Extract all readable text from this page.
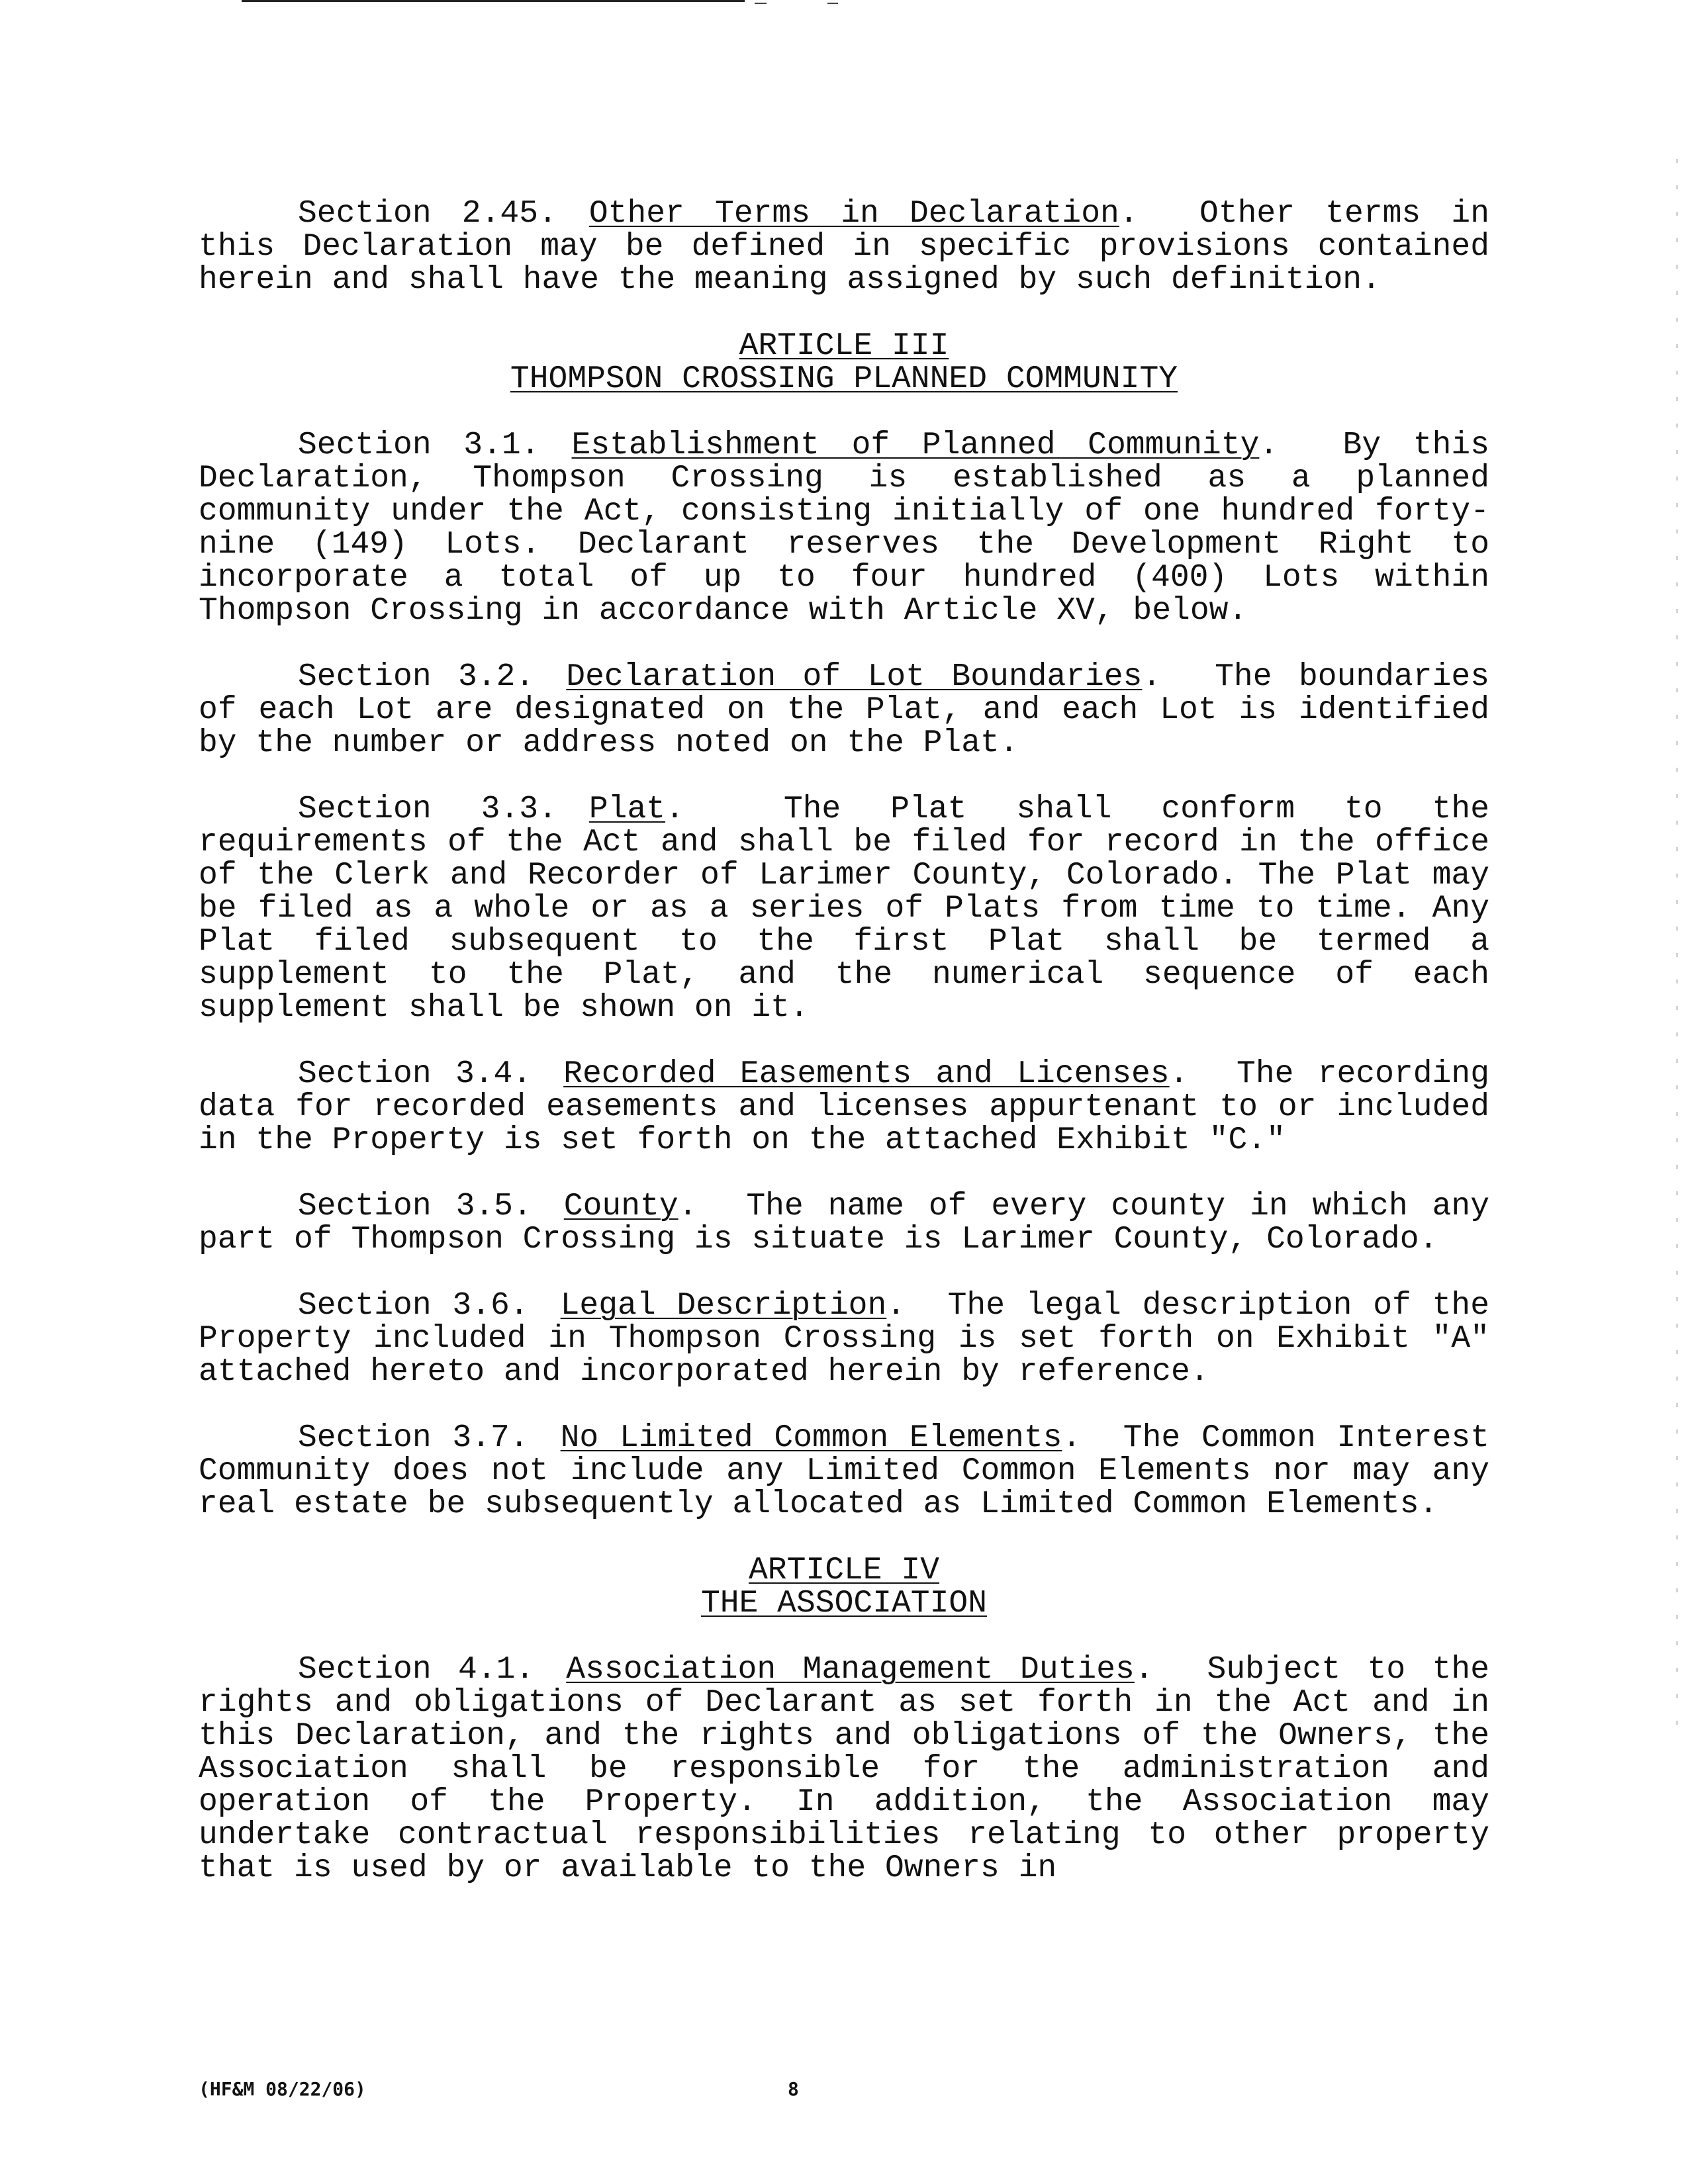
Section 2.45. Other Terms in Declaration.  Other terms in this Declaration may be defined in specific provisions contained herein and shall have the meaning assigned by such definition.

ARTICLE III
THOMPSON CROSSING PLANNED COMMUNITY

Section 3.1. Establishment of Planned Community.  By this Declaration, Thompson Crossing is established as a planned community under the Act, consisting initially of one hundred forty-nine (149) Lots. Declarant reserves the Development Right to incorporate a total of up to four hundred (400) Lots within Thompson Crossing in accordance with Article XV, below.

Section 3.2. Declaration of Lot Boundaries.  The boundaries of each Lot are designated on the Plat, and each Lot is identified by the number or address noted on the Plat.

Section 3.3. Plat.  The Plat shall conform to the requirements of the Act and shall be filed for record in the office of the Clerk and Recorder of Larimer County, Colorado. The Plat may be filed as a whole or as a series of Plats from time to time. Any Plat filed subsequent to the first Plat shall be termed a supplement to the Plat, and the numerical sequence of each supplement shall be shown on it.

Section 3.4. Recorded Easements and Licenses.  The recording data for recorded easements and licenses appurtenant to or included in the Property is set forth on the attached Exhibit "C."

Section 3.5. County.  The name of every county in which any part of Thompson Crossing is situate is Larimer County, Colorado.

Section 3.6. Legal Description.  The legal description of the Property included in Thompson Crossing is set forth on Exhibit "A" attached hereto and incorporated herein by reference.

Section 3.7. No Limited Common Elements.  The Common Interest Community does not include any Limited Common Elements nor may any real estate be subsequently allocated as Limited Common Elements.

ARTICLE IV
THE ASSOCIATION

Section 4.1. Association Management Duties.  Subject to the rights and obligations of Declarant as set forth in the Act and in this Declaration, and the rights and obligations of the Owners, the Association shall be responsible for the administration and operation of the Property. In addition, the Association may undertake contractual responsibilities relating to other property that is used by or available to the Owners in

(HF&M 08/22/06)	8
